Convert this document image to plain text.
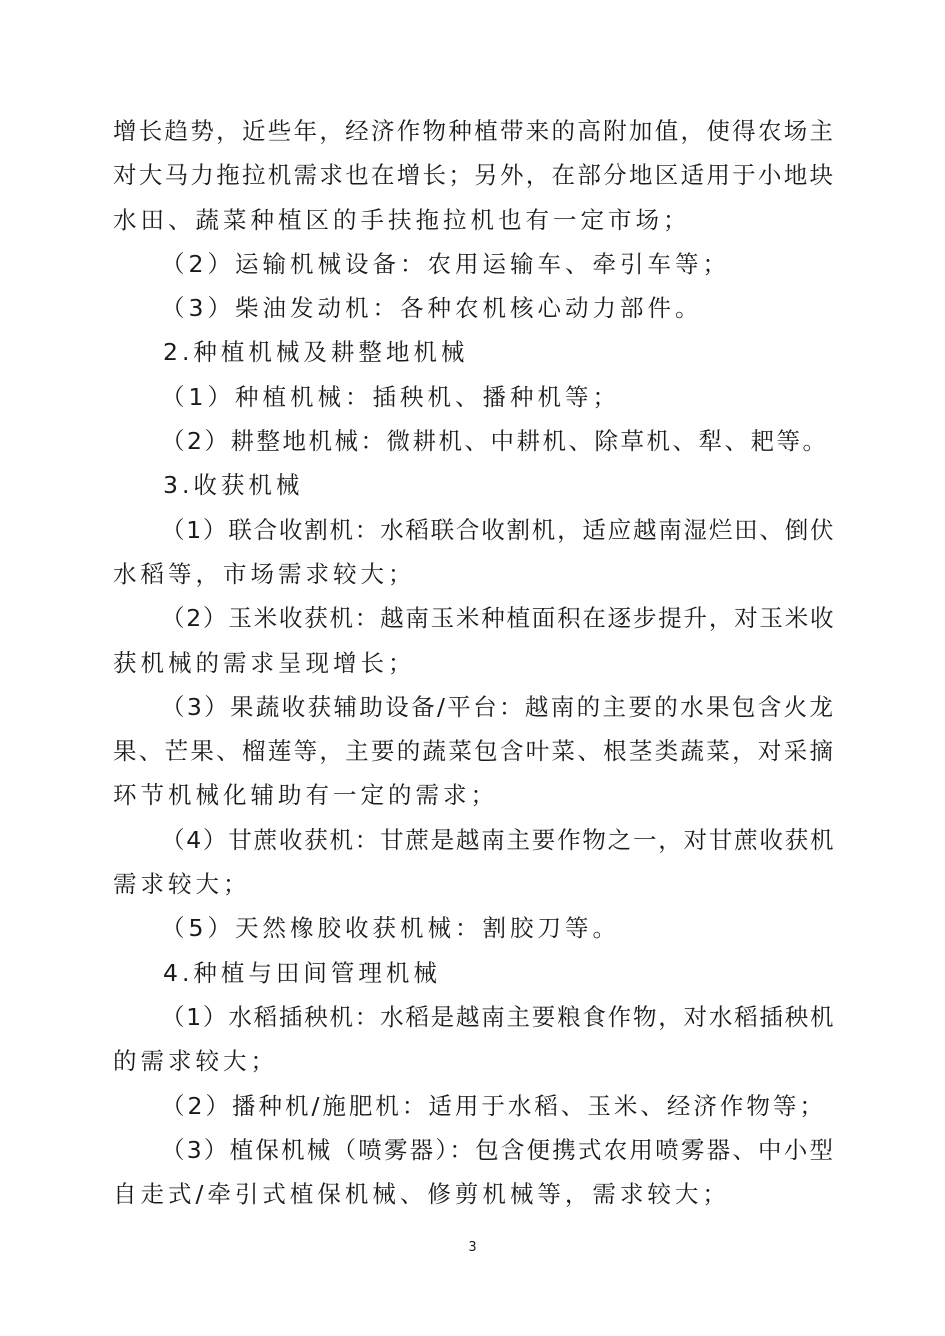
增长趋势，近些年，经济作物种植带来的高附加值，使得农场主
对大马力拖拉机需求也在增长；另外，在部分地区适用于小地块
水田、蔬菜种植区的手扶拖拉机也有一定市场；
（2）运输机械设备：农用运输车、牵引车等；
（3）柴油发动机：各种农机核心动力部件。
2.种植机械及耕整地机械
（1）种植机械：插秧机、播种机等；
（2）耕整地机械：微耕机、中耕机、除草机、犁、耙等。
3.收获机械
（1）联合收割机：水稻联合收割机，适应越南湿烂田、倒伏
水稻等，市场需求较大；
（2）玉米收获机：越南玉米种植面积在逐步提升，对玉米收
获机械的需求呈现增长；
（3）果蔬收获辅助设备/平台：越南的主要的水果包含火龙
果、芒果、榴莲等，主要的蔬菜包含叶菜、根茎类蔬菜，对采摘
环节机械化辅助有一定的需求；
（4）甘蔗收获机：甘蔗是越南主要作物之一，对甘蔗收获机
需求较大；
（5）天然橡胶收获机械：割胶刀等。
4.种植与田间管理机械
（1）水稻插秧机：水稻是越南主要粮食作物，对水稻插秧机
的需求较大；
（2）播种机/施肥机：适用于水稻、玉米、经济作物等；
（3）植保机械（喷雾器）：包含便携式农用喷雾器、中小型
自走式/牵引式植保机械、修剪机械等，需求较大；
3
